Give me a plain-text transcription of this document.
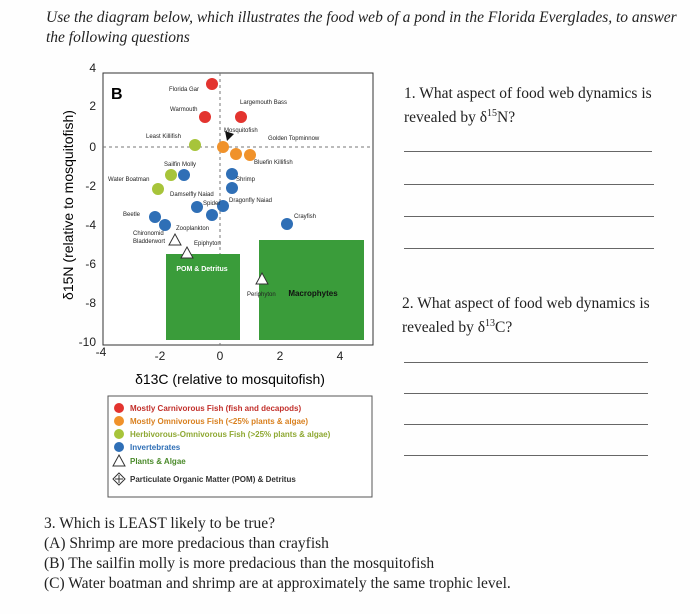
Use the diagram below, which illustrates the food web of a pond in the Florida Everglades, to answer the following questions
B
4
2
0
-2
-4
-6
-8
-10
-4	-2	0	2	4
δ13C (relative to mosquitofish)
δ15N (relative to mosquitofish)	Macrophytes
POM & Detritus
Florida Gar
Warmouth
Largemouth Bass
Least Killifish
Mosquitofish
Golden Topminnow
Sailfin Molly	Bluefin Killifish
Shrimp
Water Boatman
Damselfly Naiad
Spider Dragonfly Naiad
Crayfish
Beetle
Zooplankton
Chironomid
Bladderwort	Epiphyton
Periphyton
Mostly Carnivorous Fish (fish and decapods)
Mostly Omnivorous Fish (<25% plants & algae)
Herbivorous-Omnivorous Fish (>25% plants & algae)
Invertebrates
Plants & Algae
Particulate Organic Matter (POM) & Detritus
1. What aspect of food web dynamics is revealed by $\delta^{15}N$?
2. What aspect of food web dynamics is revealed by $\delta^{13}C$?
3. Which is LEAST likely to be true?
(A) Shrimp are more predacious than crayfish
(B) The sailfin molly is more predacious than the mosquitofish
(C) Water boatman and shrimp are at approximately the same trophic level.
